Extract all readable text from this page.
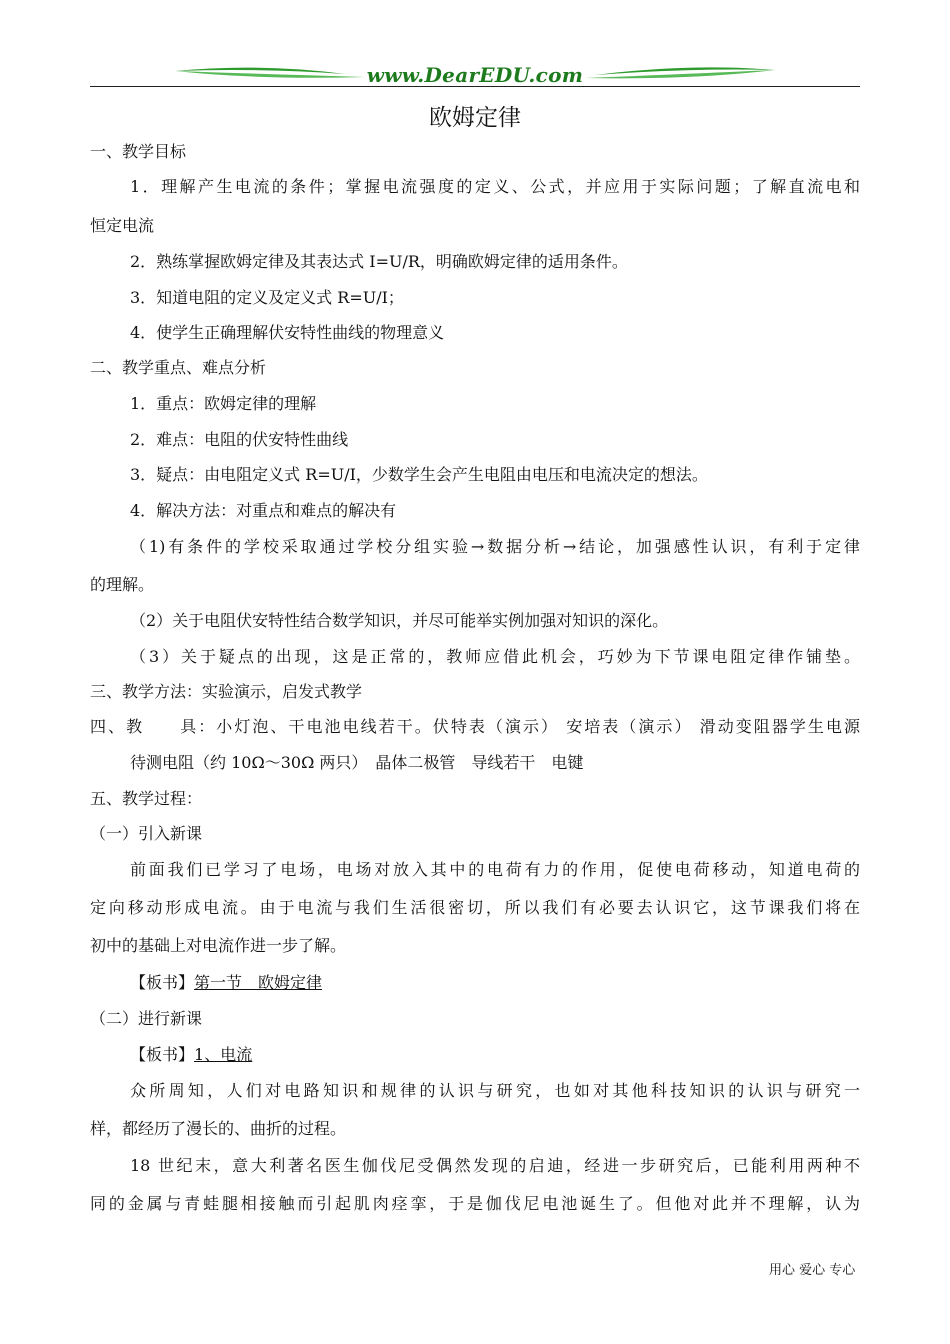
www.DearEDU.com
欧姆定律
一、教学目标
1．理解产生电流的条件；掌握电流强度的定义、公式，并应用于实际问题；了解直流电和
恒定电流
2．熟练掌握欧姆定律及其表达式 I=U/R，明确欧姆定律的适用条件。
3．知道电阻的定义及定义式 R=U/I；
4．使学生正确理解伏安特性曲线的物理意义
二、教学重点、难点分析
1．重点：欧姆定律的理解
2．难点：电阻的伏安特性曲线
3．疑点：由电阻定义式 R=U/I，少数学生会产生电阻由电压和电流决定的想法。
4．解决方法：对重点和难点的解决有
（1)有条件的学校采取通过学校分组实验→数据分析→结论，加强感性认识，有利于定律
的理解。
（2）关于电阻伏安特性结合数学知识，并尽可能举实例加强对知识的深化。
（3）关于疑点的出现，这是正常的，教师应借此机会，巧妙为下节课电阻定律作铺垫。
三、教学方法：实验演示，启发式教学
四、教　　具：小灯泡、干电池电线若干。伏特表（演示） 安培表（演示） 滑动变阻器学生电源
待测电阻（约 10Ω～30Ω 两只）　晶体二极管　导线若干　电键
五、教学过程：
（一）引入新课
前面我们已学习了电场，电场对放入其中的电荷有力的作用，促使电荷移动，知道电荷的
定向移动形成电流。由于电流与我们生活很密切，所以我们有必要去认识它，这节课我们将在
初中的基础上对电流作进一步了解。
【板书】第一节　欧姆定律
（二）进行新课
【板书】1、电流
众所周知，人们对电路知识和规律的认识与研究，也如对其他科技知识的认识与研究一
样，都经历了漫长的、曲折的过程。
18 世纪末，意大利著名医生伽伐尼受偶然发现的启迪，经进一步研究后，已能利用两种不
同的金属与青蛙腿相接触而引起肌肉痉挛，于是伽伐尼电池诞生了。但他对此并不理解，认为
用心 爱心 专心
